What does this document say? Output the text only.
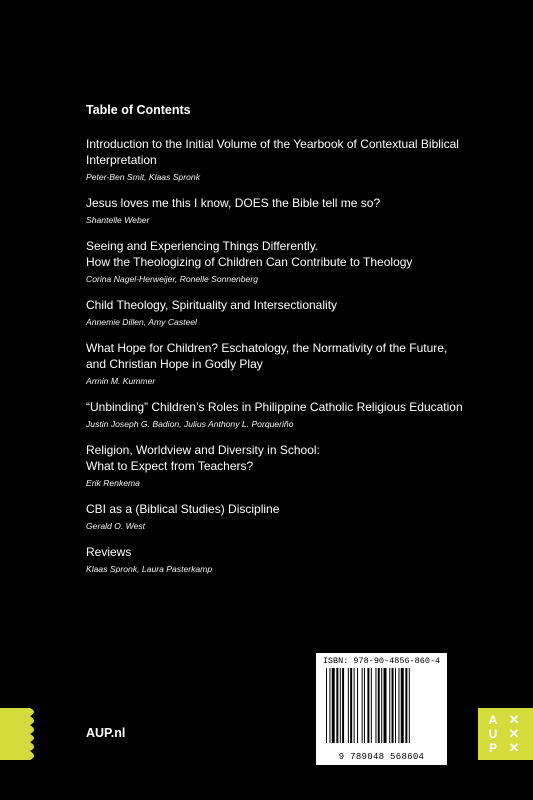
Table of Contents
Introduction to the Initial Volume of the Yearbook of Contextual Biblical
Interpretation
Peter-Ben Smit, Klaas Spronk
Jesus loves me this I know, DOES the Bible tell me so?
Shantelle Weber
Seeing and Experiencing Things Differently.
How the Theologizing of Children Can Contribute to Theology
Corina Nagel-Herweijer, Ronelle Sonnenberg
Child Theology, Spirituality and Intersectionality
Annemie Dillen, Amy Casteel
What Hope for Children? Eschatology, the Normativity of the Future,
and Christian Hope in Godly Play
Armin M. Kummer
“Unbinding” Children’s Roles in Philippine Catholic Religious Education
Justin Joseph G. Badion, Julius Anthony L. Porqueriño
Religion, Worldview and Diversity in School:
What to Expect from Teachers?
Erik Renkema
CBI as a (Biblical Studies) Discipline
Gerald O. West
Reviews
Klaas Spronk, Laura Pasterkamp
ISBN: 978-90-4856-860-4
9 789048 568604
AUP.nl
A
U
P
✕
✕
✕
